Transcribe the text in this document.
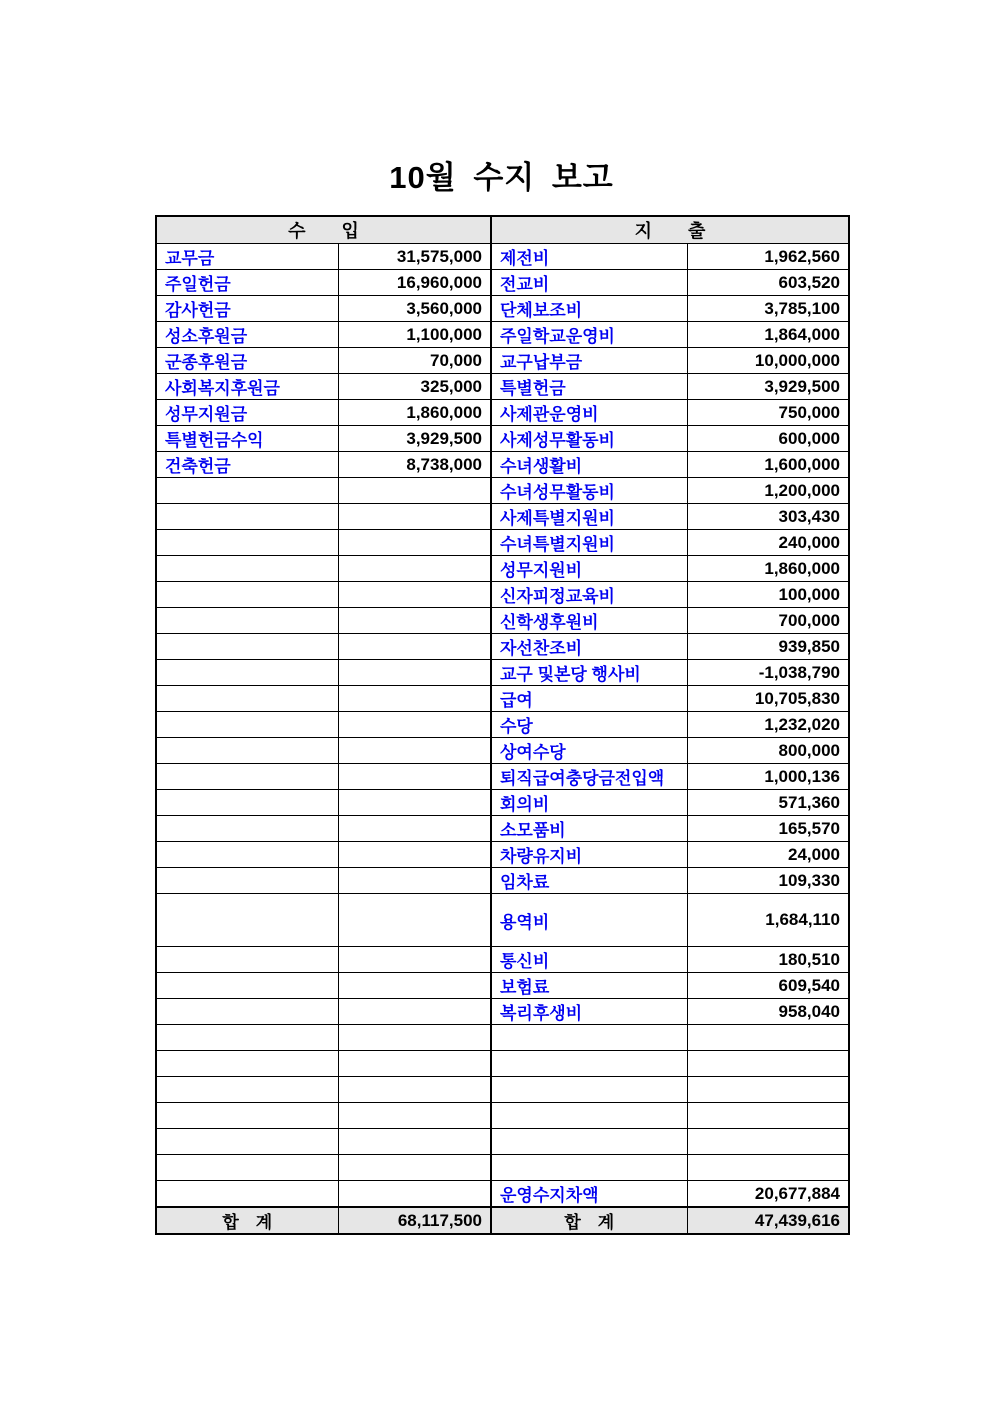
10월 수지 보고
수　　입		지　　출	
교무금	31,575,000	제전비	1,962,560
주일헌금	16,960,000	전교비	603,520
감사헌금	3,560,000	단체보조비	3,785,100
성소후원금	1,100,000	주일학교운영비	1,864,000
군종후원금	70,000	교구납부금	10,000,000
사회복지후원금	325,000	특별헌금	3,929,500
성무지원금	1,860,000	사제관운영비	750,000
특별헌금수익	3,929,500	사제성무활동비	600,000
건축헌금	8,738,000	수녀생활비	1,600,000
		수녀성무활동비	1,200,000
		사제특별지원비	303,430
		수녀특별지원비	240,000
		성무지원비	1,860,000
		신자피정교육비	100,000
		신학생후원비	700,000
		자선찬조비	939,850
		교구 및본당 행사비	-1,038,790
		급여	10,705,830
		수당	1,232,020
		상여수당	800,000
		퇴직급여충당금전입액	1,000,136
		회의비	571,360
		소모품비	165,570
		차량유지비	24,000
		임차료	109,330
		용역비	1,684,110
		통신비	180,510
		보험료	609,540
		복리후생비	958,040

		운영수지차액	20,677,884
합　계	68,117,500	합　계	47,439,616
